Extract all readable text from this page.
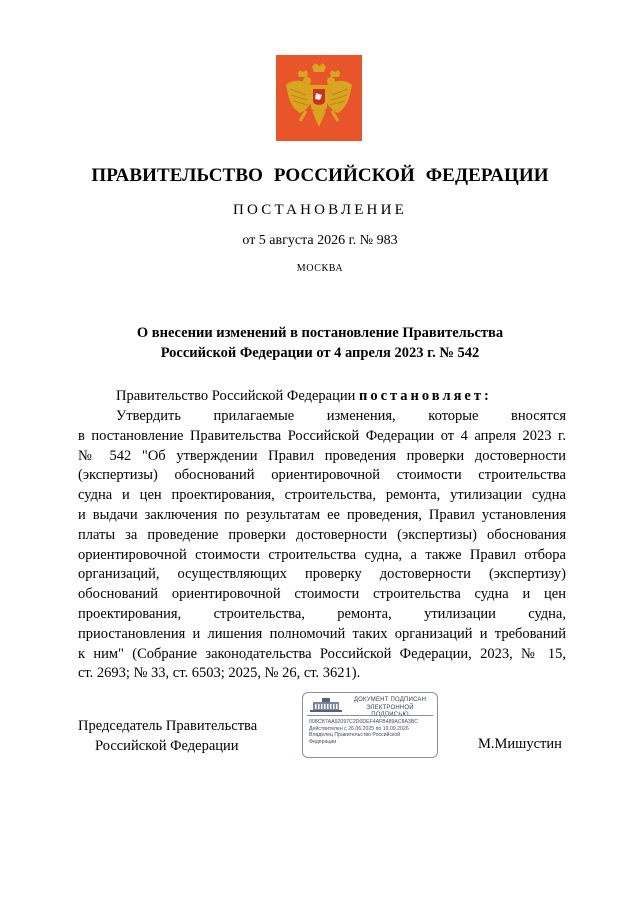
ПРАВИТЕЛЬСТВО РОССИЙСКОЙ ФЕДЕРАЦИИ
ПОСТАНОВЛЕНИЕ
от 5 августа 2026 г. № 983
МОСКВА
О внесении изменений в постановление Правительства
Российской Федерации от 4 апреля 2023 г. № 542
Правительство Российской Федерации постановляет:
Утвердить прилагаемые изменения, которые вносятся
в постановление Правительства Российской Федерации от 4 апреля 2023 г.
№ 542 "Об утверждении Правил проведения проверки достоверности
(экспертизы) обоснований ориентировочной стоимости строительства
судна и цен проектирования, строительства, ремонта, утилизации судна
и выдачи заключения по результатам ее проведения, Правил установления
платы за проведение проверки достоверности (экспертизы) обоснования
ориентировочной стоимости строительства судна, а также Правил отбора
организаций, осуществляющих проверку достоверности (экспертизу)
обоснований ориентировочной стоимости строительства судна и цен
проектирования, строительства, ремонта, утилизации судна,
приостановления и лишения полномочий таких организаций и требований
к ним" (Собрание законодательства Российской Федерации, 2023, № 15,
ст. 2693; № 33, ст. 6503; 2025, № 26, ст. 3621).
Председатель Правительства
Российской Федерации
ДОКУМЕНТ ПОДПИСАН
ЭЛЕКТРОННОЙ ПОДПИСЬЮ
008CB7AA92097C2D0DEF4AFB489AC8A3BC
Действителен с 26.06.2025 по 19.09.2026
Владелец Правительство Российской
Федерации	М.Мишустин
